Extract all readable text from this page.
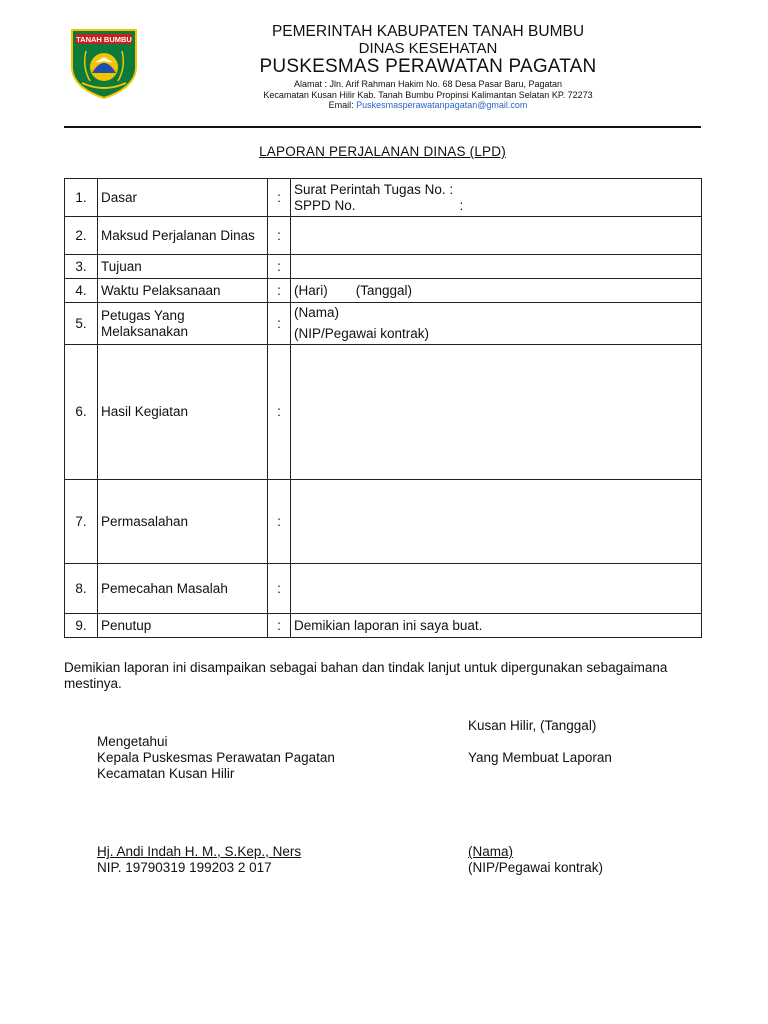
TANAH BUMBU	PEMERINTAH KABUPATEN TANAH BUMBU
DINAS KESEHATAN
PUSKESMAS PERAWATAN PAGATAN
Alamat : Jln. Arif Rahman Hakim No. 68 Desa Pasar Baru, Pagatan
Kecamatan Kusan Hilir Kab. Tanah Bumbu Propinsi Kalimantan Selatan KP. 72273
Email: Puskesmasperawatanpagatan@gmail.com
LAPORAN PERJALANAN DINAS (LPD)
1.	Dasar	:	Surat Perintah Tugas No. :
SPPD No. :

2.	Maksud Perjalanan Dinas	:	
3.	Tujuan	:	
4.	Waktu Pelaksanaan	:	(Hari) (Tanggal)
5.	Petugas Yang Melaksanakan	:	(Nama)
(NIP/Pegawai kontrak)

6.	Hasil Kegiatan	:	
7.	Permasalahan	:	
8.	Pemecahan Masalah	:	
9.	Penutup	:	Demikian laporan ini saya buat.
Demikian laporan ini disampaikan sebagai bahan dan tindak lanjut untuk dipergunakan sebagaimana mestinya.
Kusan Hilir, (Tanggal)
Mengetahui
Kepala Puskesmas Perawatan Pagatan	Yang Membuat Laporan
Kecamatan Kusan Hilir
Hj. Andi Indah H. M., S.Kep., Ners	(Nama)
NIP. 19790319 199203 2 017	(NIP/Pegawai kontrak)
